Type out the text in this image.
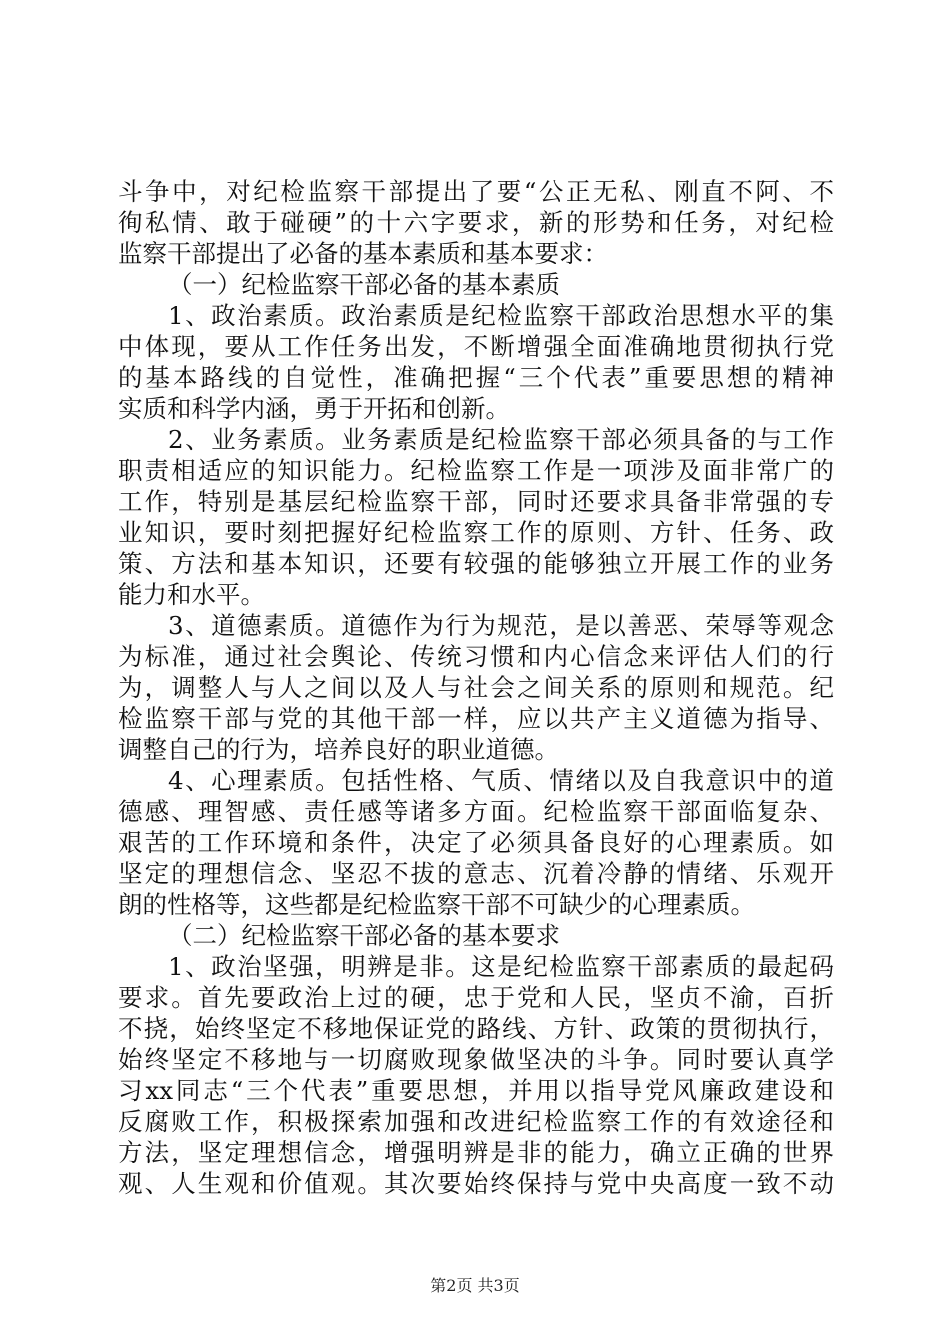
斗争中，对纪检监察干部提出了要“公正无私、刚直不阿、不
徇私情、敢于碰硬”的十六字要求，新的形势和任务，对纪检
监察干部提出了必备的基本素质和基本要求：
（一）纪检监察干部必备的基本素质
1、政治素质。政治素质是纪检监察干部政治思想水平的集
中体现，要从工作任务出发，不断增强全面准确地贯彻执行党
的基本路线的自觉性，准确把握“三个代表”重要思想的精神
实质和科学内涵，勇于开拓和创新。
2、业务素质。业务素质是纪检监察干部必须具备的与工作
职责相适应的知识能力。纪检监察工作是一项涉及面非常广的
工作，特别是基层纪检监察干部，同时还要求具备非常强的专
业知识，要时刻把握好纪检监察工作的原则、方针、任务、政
策、方法和基本知识，还要有较强的能够独立开展工作的业务
能力和水平。
3、道德素质。道德作为行为规范，是以善恶、荣辱等观念
为标准，通过社会舆论、传统习惯和内心信念来评估人们的行
为，调整人与人之间以及人与社会之间关系的原则和规范。纪
检监察干部与党的其他干部一样，应以共产主义道德为指导、
调整自己的行为，培养良好的职业道德。
4、心理素质。包括性格、气质、情绪以及自我意识中的道
德感、理智感、责任感等诸多方面。纪检监察干部面临复杂、
艰苦的工作环境和条件，决定了必须具备良好的心理素质。如
坚定的理想信念、坚忍不拔的意志、沉着冷静的情绪、乐观开
朗的性格等，这些都是纪检监察干部不可缺少的心理素质。
（二）纪检监察干部必备的基本要求
1、政治坚强，明辨是非。这是纪检监察干部素质的最起码
要求。首先要政治上过的硬，忠于党和人民，坚贞不渝，百折
不挠，始终坚定不移地保证党的路线、方针、政策的贯彻执行，
始终坚定不移地与一切腐败现象做坚决的斗争。同时要认真学
习xx同志“三个代表”重要思想，并用以指导党风廉政建设和
反腐败工作，积极探索加强和改进纪检监察工作的有效途径和
方法，坚定理想信念，增强明辨是非的能力，确立正确的世界
观、人生观和价值观。其次要始终保持与党中央高度一致不动
第2页 共3页
